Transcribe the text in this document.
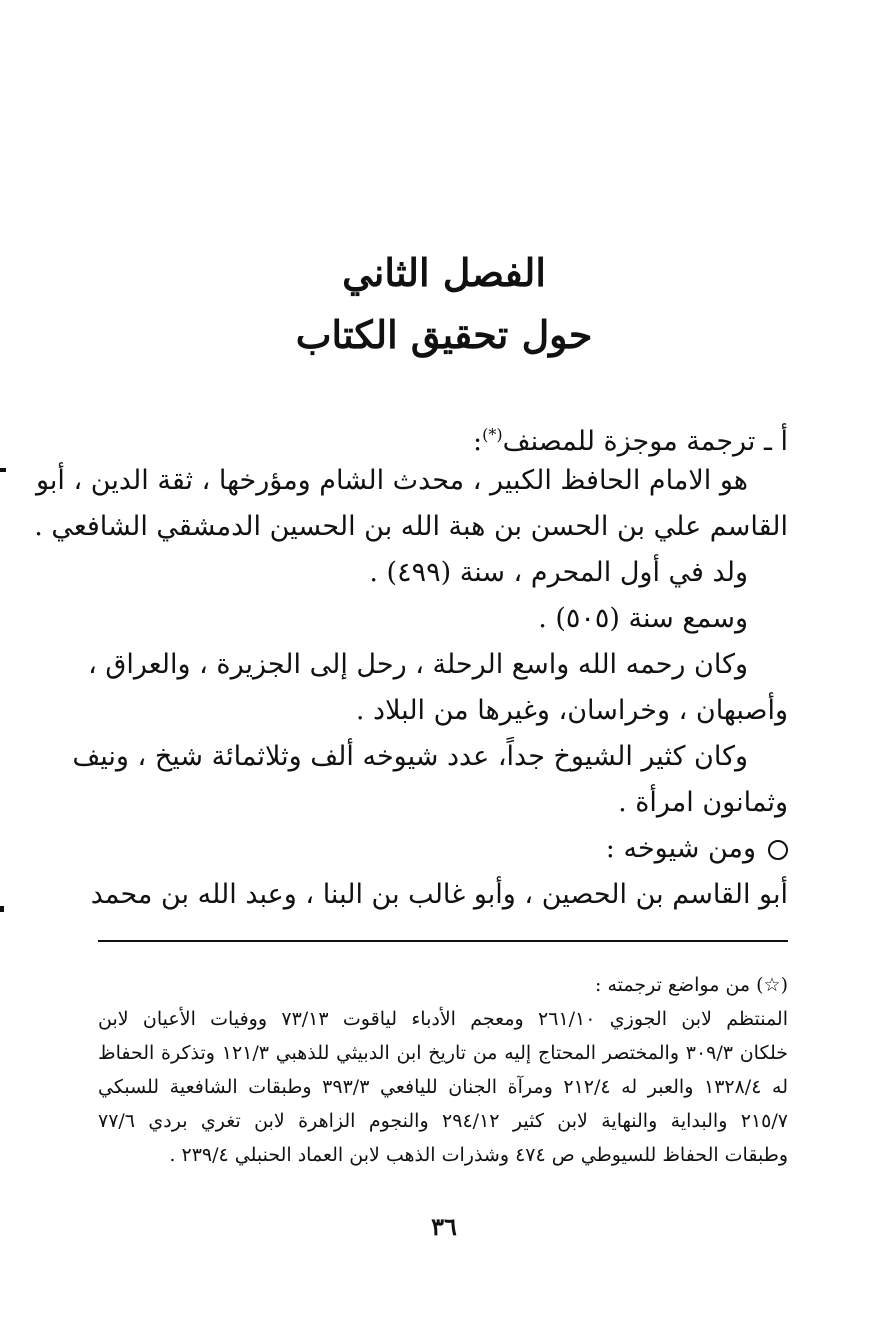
الفصل الثاني
حول تحقيق الكتاب
أ ـ ترجمة موجزة للمصنف(*):
هو الامام الحافظ الكبير ، محدث الشام ومؤرخها ، ثقة الدين ، أبو
القاسم علي بن الحسن بن هبة الله بن الحسين الدمشقي الشافعي .
ولد في أول المحرم ، سنة (٤٩٩) .
وسمع سنة (٥٠٥) .
وكان رحمه الله واسع الرحلة ، رحل إلى الجزيرة ، والعراق ،
وأصبهان ، وخراسان، وغيرها من البلاد .
وكان كثير الشيوخ جداً، عدد شيوخه ألف وثلاثمائة شيخ ، ونيف
وثمانون امرأة .
ومن شيوخه :
أبو القاسم بن الحصين ، وأبو غالب بن البنا ، وعبد الله بن محمد
(☆) من مواضع ترجمته :
المنتظم لابن الجوزي ٢٦١/١٠ ومعجم الأدباء لياقوت ٧٣/١٣ ووفيات الأعيان لابن
خلكان ٣٠٩/٣ والمختصر المحتاج إليه من تاريخ ابن الدبيثي للذهبي ١٢١/٣ وتذكرة الحفاظ
له ١٣٢٨/٤ والعبر له ٢١٢/٤ ومرآة الجنان لليافعي ٣٩٣/٣ وطبقات الشافعية للسبكي
٢١٥/٧ والبداية والنهاية لابن كثير ٢٩٤/١٢ والنجوم الزاهرة لابن تغري بردي ٧٧/٦
وطبقات الحفاظ للسيوطي ص ٤٧٤ وشذرات الذهب لابن العماد الحنبلي ٢٣٩/٤ .
٣٦
